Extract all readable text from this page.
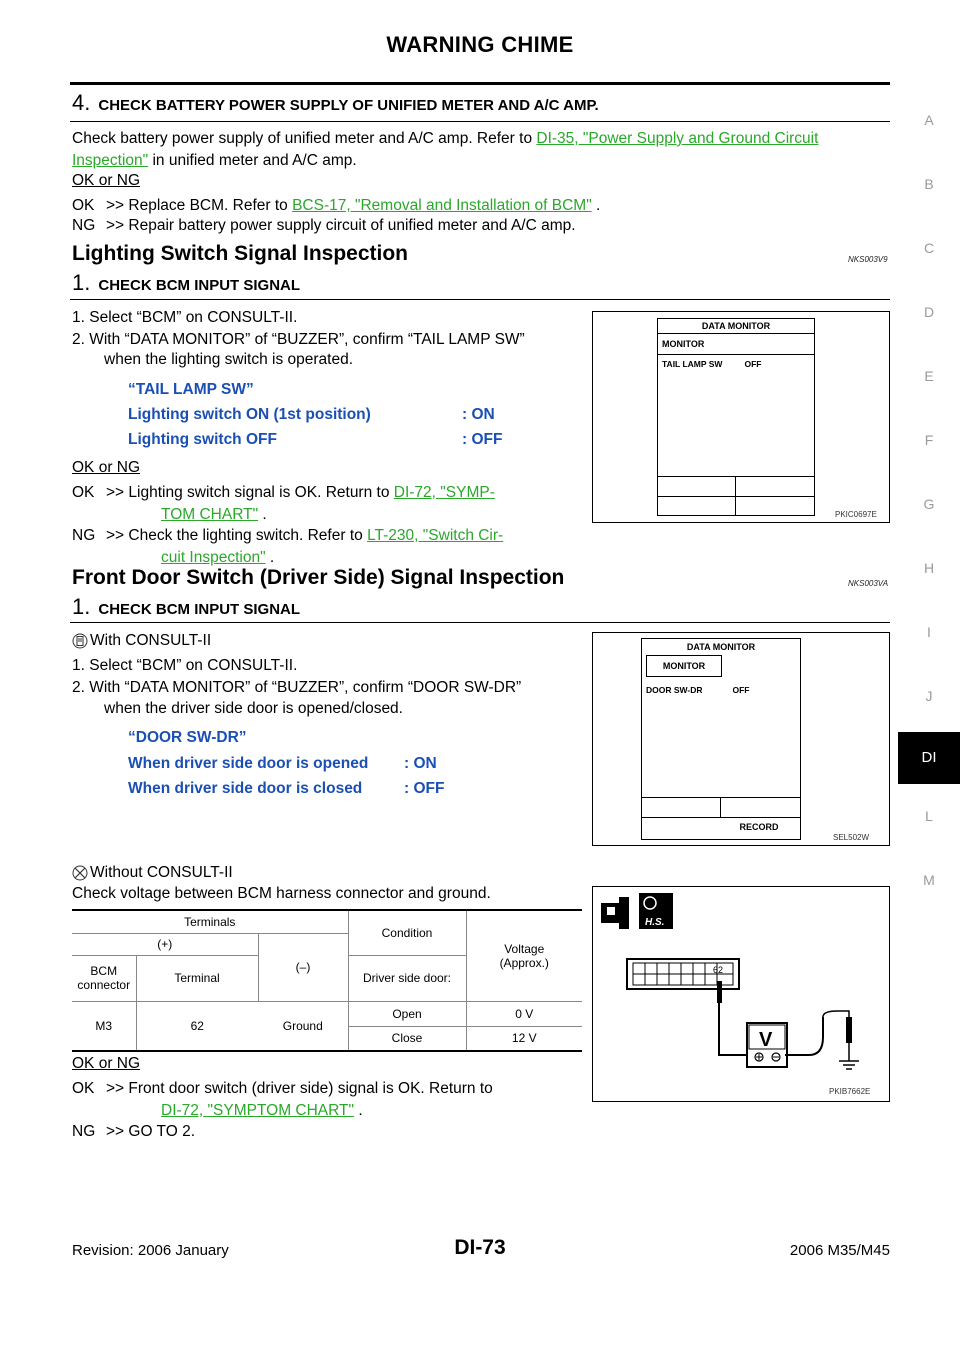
WARNING CHIME
A
B
C
D
E
F
G
H
I
J
DI
L
M
4. CHECK BATTERY POWER SUPPLY OF UNIFIED METER AND A/C AMP.
Check battery power supply of unified meter and A/C amp. Refer to DI-35, "Power Supply and Ground Circuit
Inspection" in unified meter and A/C amp.
OK or NG
OK >> Replace BCM. Refer to BCS-17, "Removal and Installation of BCM" .
NG >> Repair battery power supply circuit of unified meter and A/C amp.
Lighting Switch Signal Inspection	NKS003V9
1. CHECK BCM INPUT SIGNAL
1. Select “BCM” on CONSULT-II.
2. With “DATA MONITOR” of “BUZZER”, confirm “TAIL LAMP SW”
when the lighting switch is operated.
“TAIL LAMP SW”
Lighting switch ON (1st position)	: ON
Lighting switch OFF	: OFF
OK or NG
OK >> Lighting switch signal is OK. Return to DI-72, "SYMP-
TOM CHART" .
NG >> Check the lighting switch. Refer to LT-230, "Switch Cir-
cuit Inspection" .
DATA MONITOR
MONITOR
TAIL LAMP SW	OFF
PKIC0697E
Front Door Switch (Driver Side) Signal Inspection	NKS003VA
1. CHECK BCM INPUT SIGNAL
With CONSULT-II
1. Select “BCM” on CONSULT-II.
2. With “DATA MONITOR” of “BUZZER”, confirm “DOOR SW-DR”
when the driver side door is opened/closed.
“DOOR SW-DR”
When driver side door is opened : ON
When driver side door is closed	: OFF
DATA MONITOR
MONITOR
DOOR SW-DR	OFF
RECORD
SEL502W
Without CONSULT-II
Check voltage between BCM harness connector and ground.
Terminals			Condition	Voltage
(Approx.)
(+)		(–)		
BCM
connector	Terminal		Driver side door:	
M3	62	Ground	Open	0 V
			Close	12 V
H.S.
62
V
PKIB7662E
OK or NG
OK >> Front door switch (driver side) signal is OK. Return to
DI-72, "SYMPTOM CHART" .
NG >> GO TO 2.
Revision: 2006 January	DI-73	2006 M35/M45
